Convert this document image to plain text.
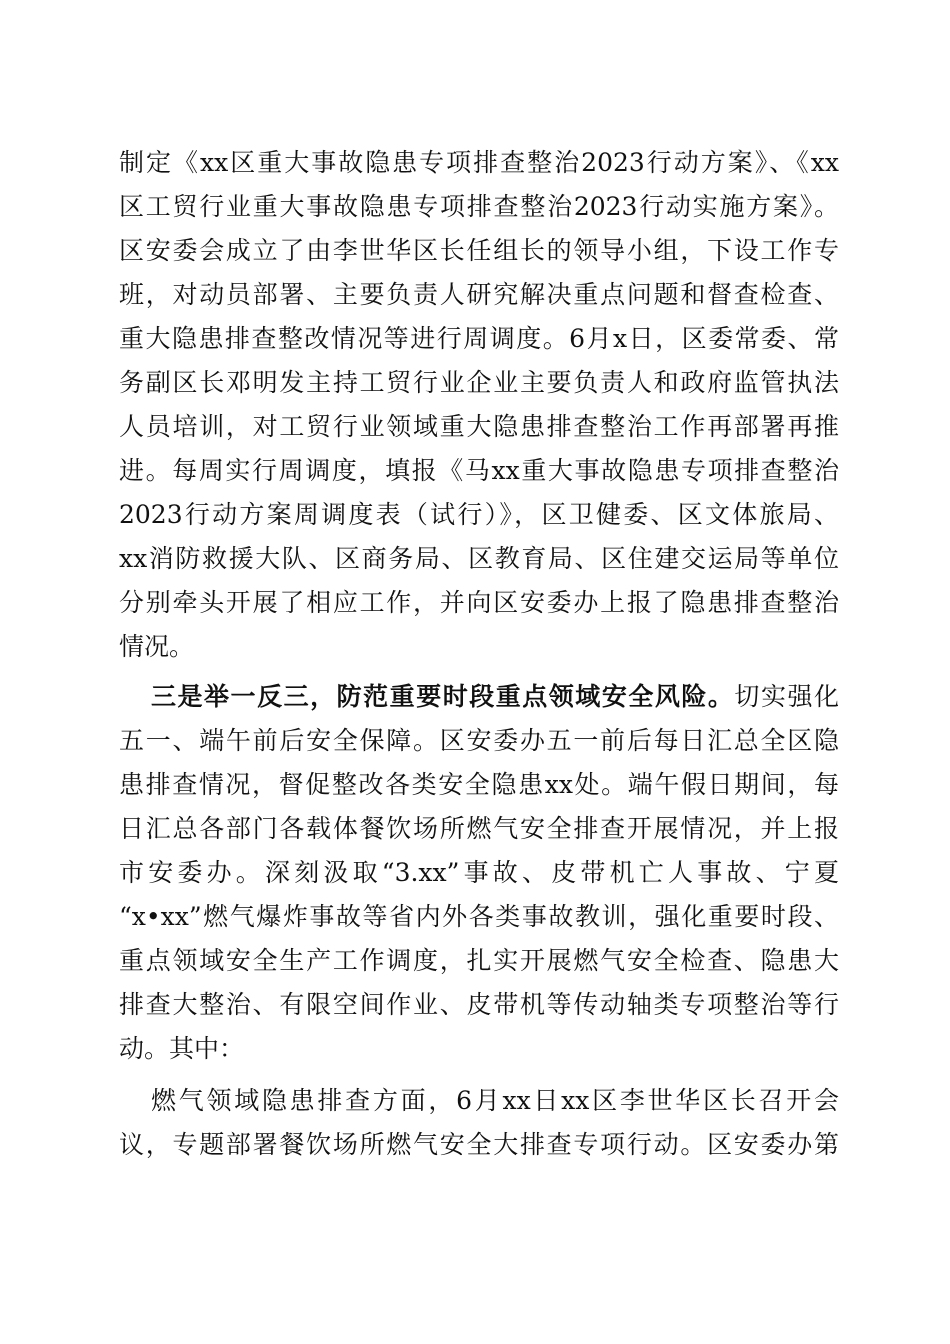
制定《xx区重大事故隐患专项排查整治2023行动方案》、《xx
区工贸行业重大事故隐患专项排查整治2023行动实施方案》。
区安委会成立了由李世华区长任组长的领导小组，下设工作专
班，对动员部署、主要负责人研究解决重点问题和督查检查、
重大隐患排查整改情况等进行周调度。6月x日，区委常委、常
务副区长邓明发主持工贸行业企业主要负责人和政府监管执法
人员培训，对工贸行业领域重大隐患排查整治工作再部署再推
进。每周实行周调度，填报《马xx重大事故隐患专项排查整治
2023行动方案周调度表（试行）》，区卫健委、区文体旅局、
xx消防救援大队、区商务局、区教育局、区住建交运局等单位
分别牵头开展了相应工作，并向区安委办上报了隐患排查整治
情况。
三是举一反三，防范重要时段重点领域安全风险。切实强化
五一、端午前后安全保障。区安委办五一前后每日汇总全区隐
患排查情况，督促整改各类安全隐患xx处。端午假日期间，每
日汇总各部门各载体餐饮场所燃气安全排查开展情况，并上报
市安委办。深刻汲取“3.xx”事故、皮带机亡人事故、宁夏
“x•xx”燃气爆炸事故等省内外各类事故教训，强化重要时段、
重点领域安全生产工作调度，扎实开展燃气安全检查、隐患大
排查大整治、有限空间作业、皮带机等传动轴类专项整治等行
动。其中：
燃气领域隐患排查方面，6月xx日xx区李世华区长召开会
议，专题部署餐饮场所燃气安全大排查专项行动。区安委办第
